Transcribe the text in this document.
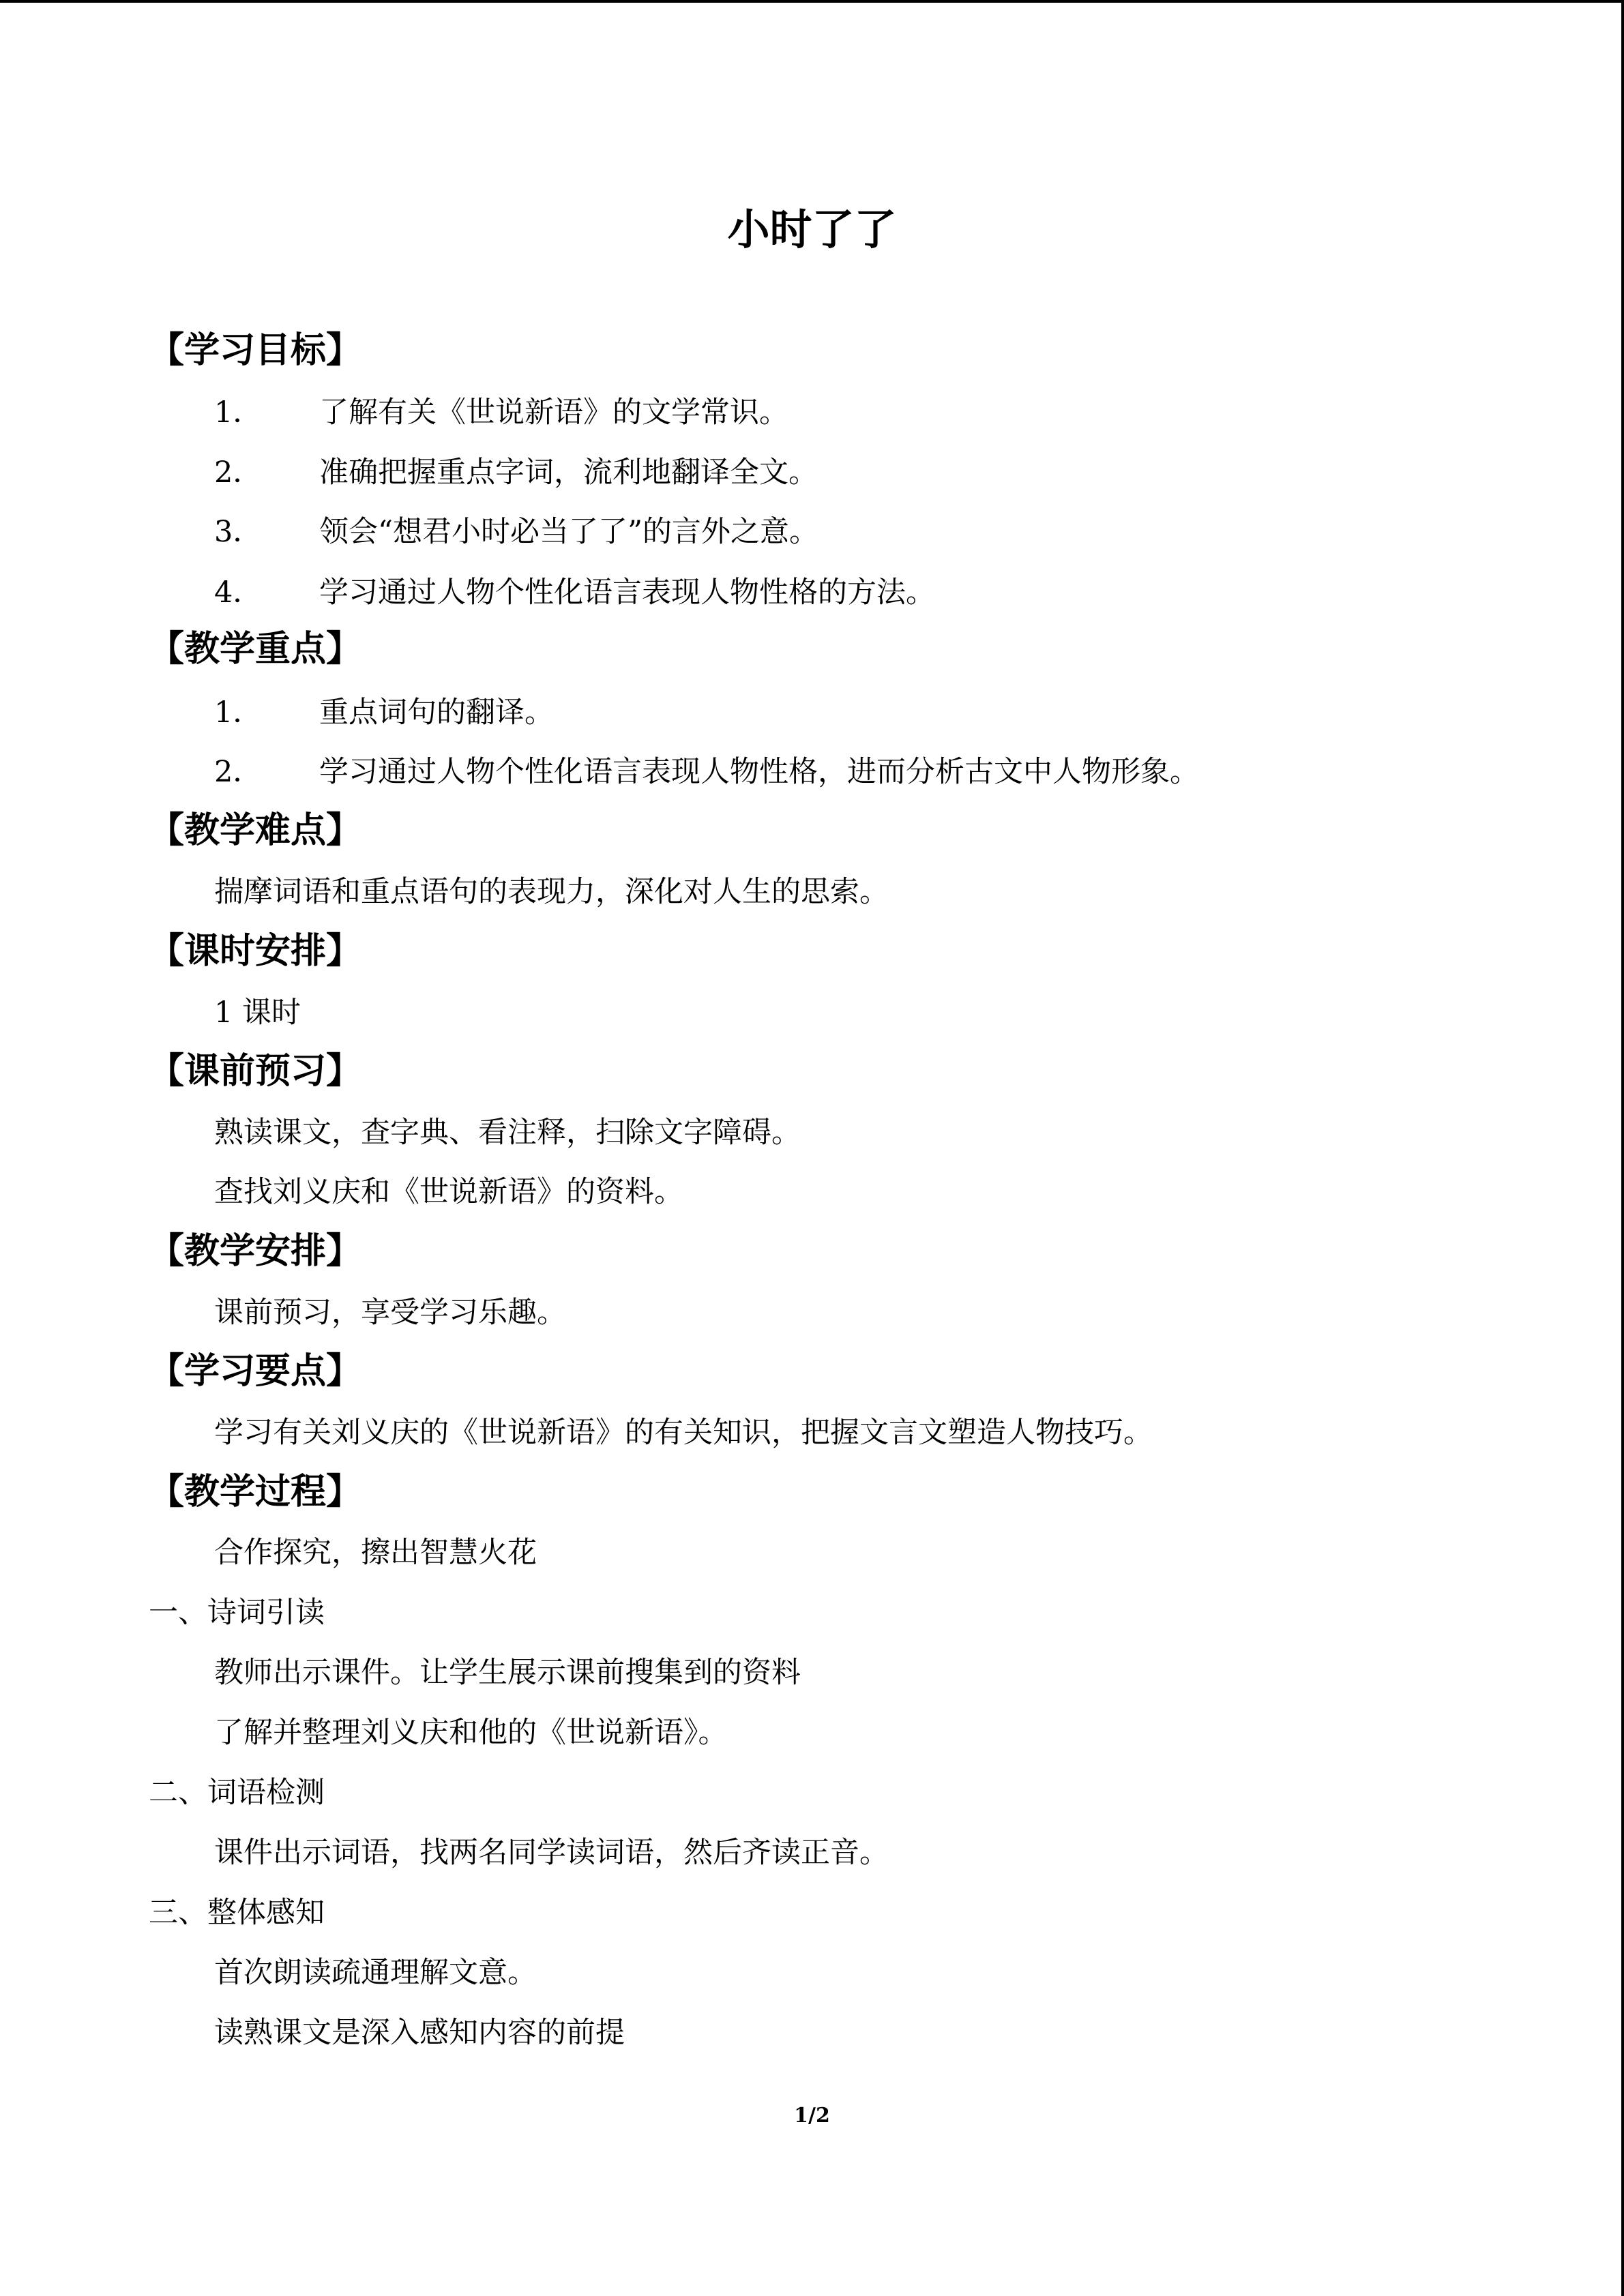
小时了了
【学习目标】
1． 了解有关《世说新语》的文学常识。
2． 准确把握重点字词，流利地翻译全文。
3． 领会“想君小时必当了了”的言外之意。
4． 学习通过人物个性化语言表现人物性格的方法。
【教学重点】
1． 重点词句的翻译。
2． 学习通过人物个性化语言表现人物性格，进而分析古文中人物形象。
【教学难点】
揣摩词语和重点语句的表现力，深化对人生的思索。
【课时安排】
1 课时
【课前预习】
熟读课文，查字典、看注释，扫除文字障碍。
查找刘义庆和《世说新语》的资料。
【教学安排】
课前预习，享受学习乐趣。
【学习要点】
学习有关刘义庆的《世说新语》的有关知识，把握文言文塑造人物技巧。
【教学过程】
合作探究，擦出智慧火花
一、诗词引读
教师出示课件。让学生展示课前搜集到的资料
了解并整理刘义庆和他的《世说新语》。
二、词语检测
课件出示词语，找两名同学读词语，然后齐读正音。
三、整体感知
首次朗读疏通理解文意。
读熟课文是深入感知内容的前提
1/2
